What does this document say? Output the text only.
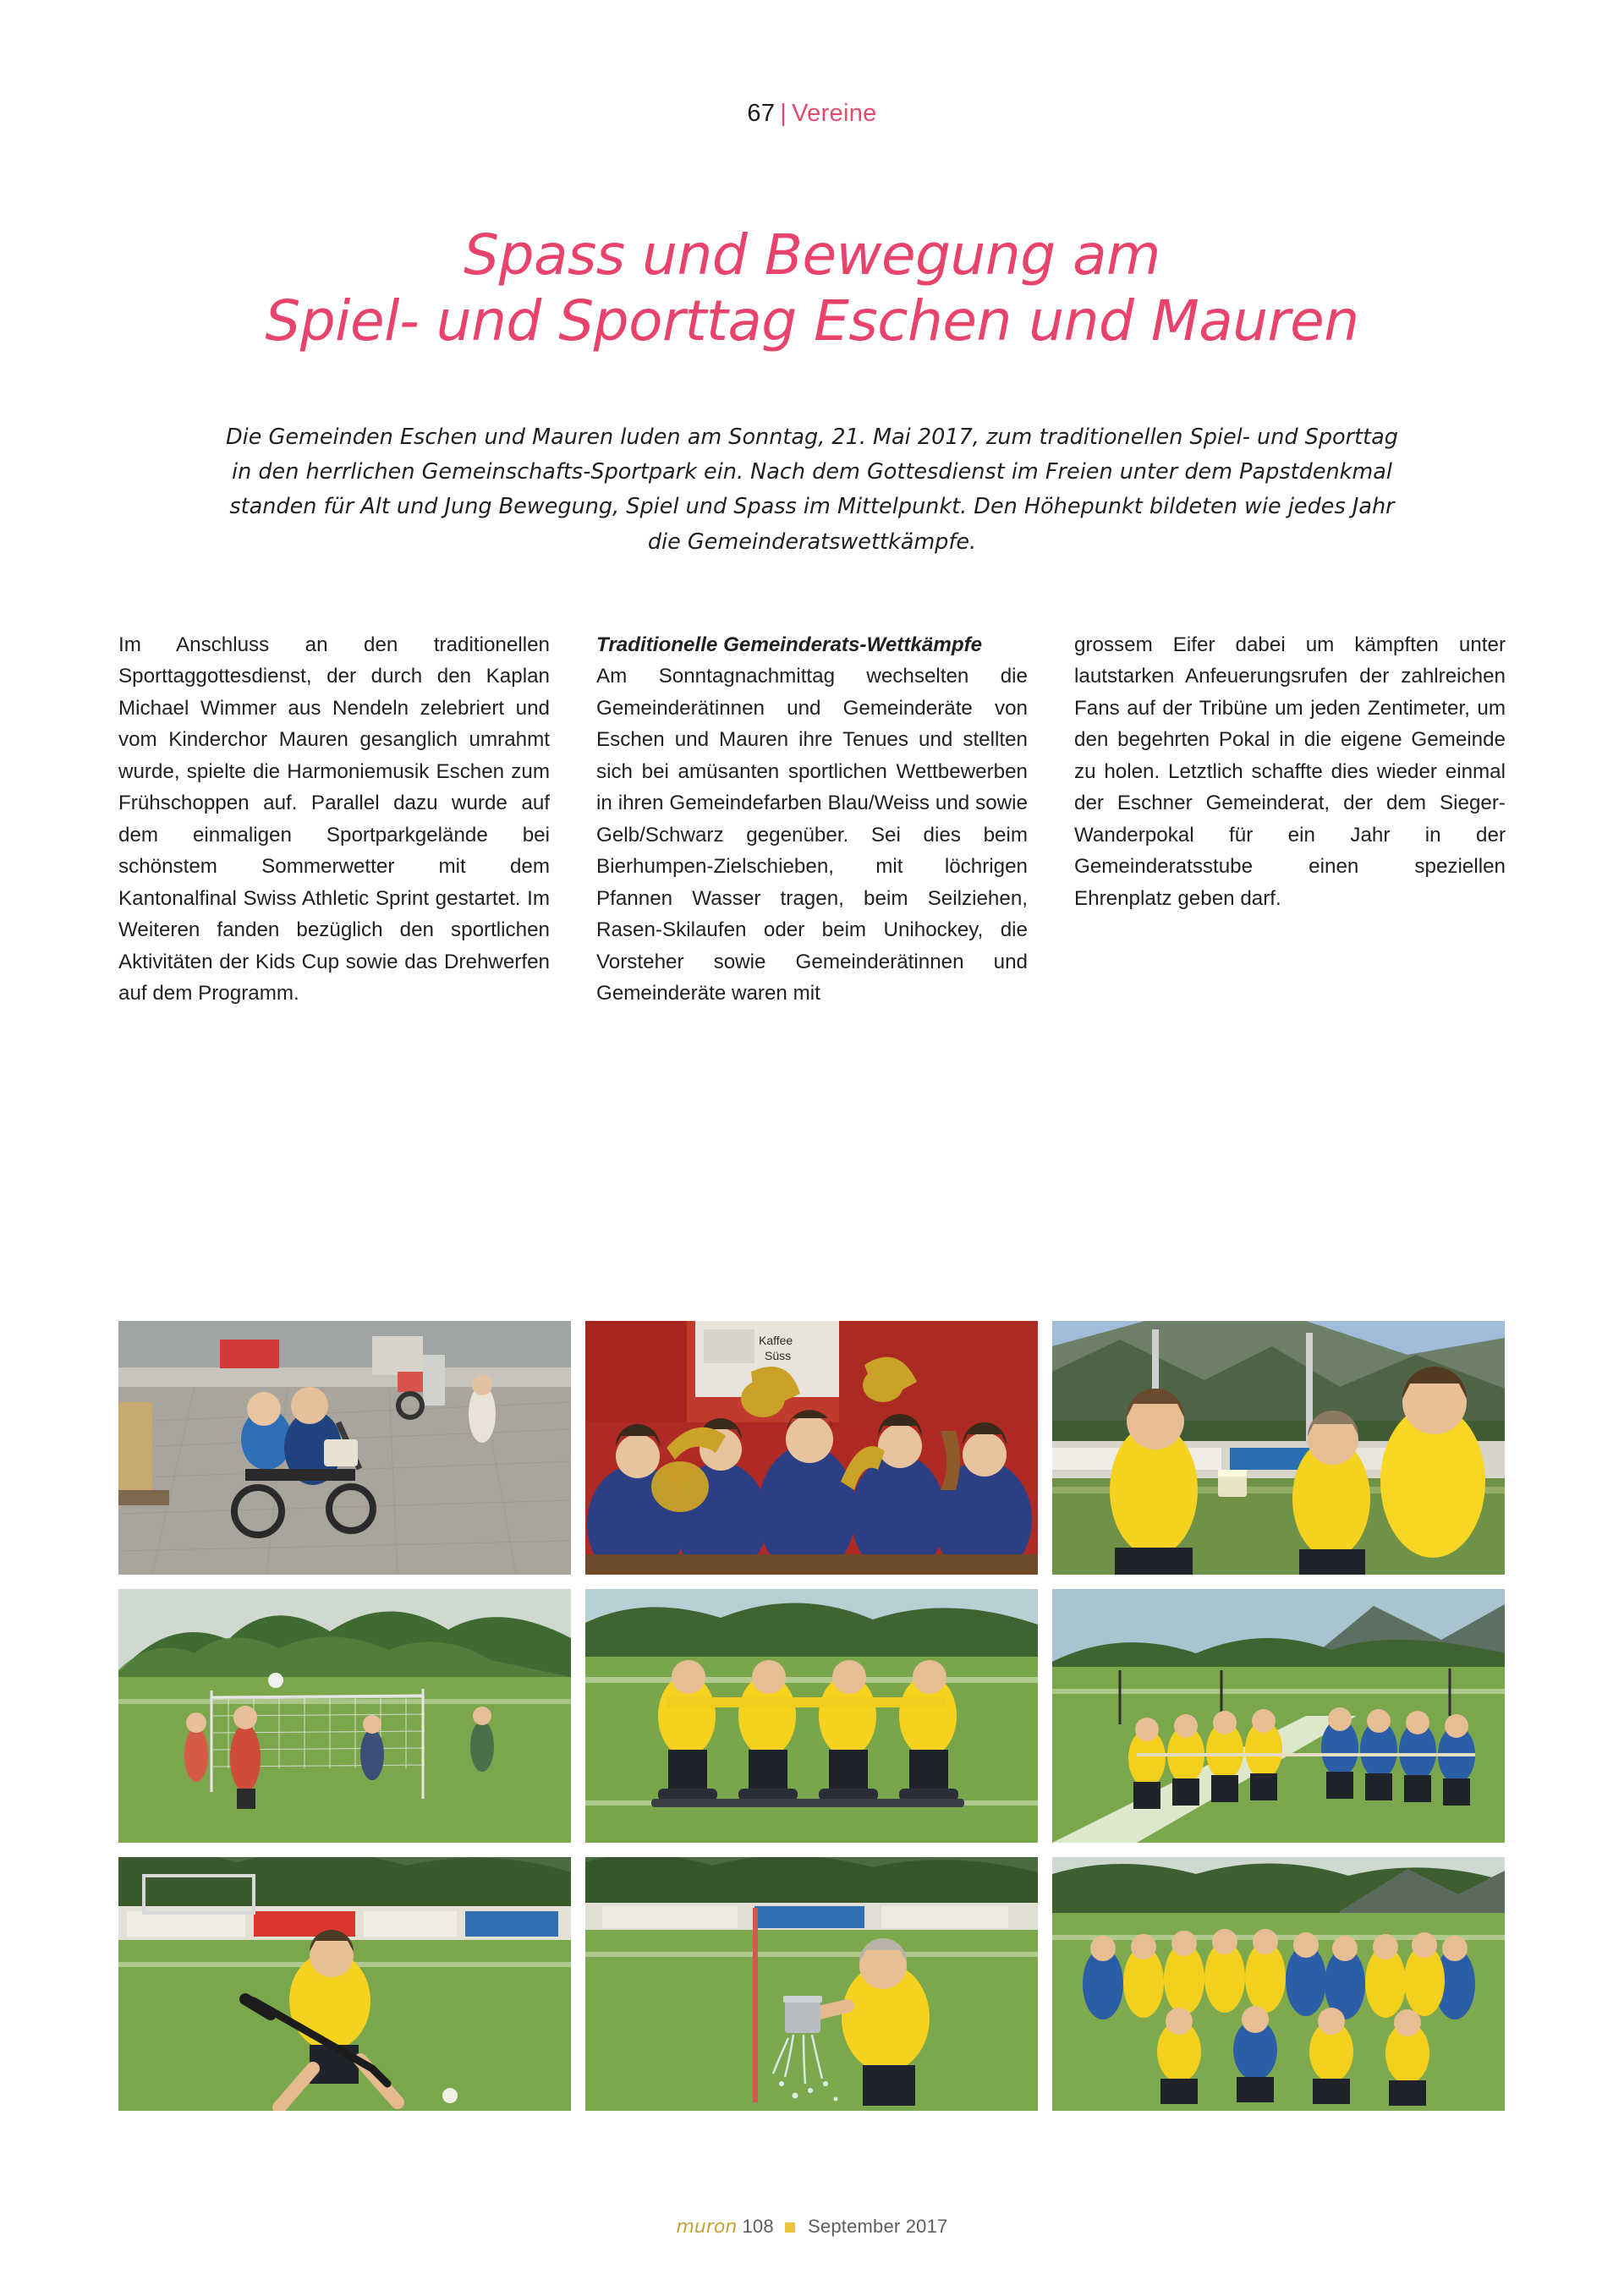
67 | Vereine
Spass und Bewegung am
Spiel- und Sporttag Eschen und Mauren
Die Gemeinden Eschen und Mauren luden am Sonntag, 21. Mai 2017, zum traditionellen Spiel- und Sporttag in den herrlichen Gemeinschafts-Sportpark ein. Nach dem Gottesdienst im Freien unter dem Papstdenkmal standen für Alt und Jung Bewegung, Spiel und Spass im Mittelpunkt. Den Höhepunkt bildeten wie jedes Jahr die Gemeinderatswettkämpfe.

Im Anschluss an den traditionellen Sporttaggottesdienst, der durch den Kaplan Michael Wimmer aus Nendeln zelebriert und vom Kinderchor Mauren gesanglich umrahmt wurde, spielte die Harmoniemusik Eschen zum Frühschoppen auf. Parallel dazu wurde auf dem einmaligen Sportparkgelände bei schönstem Sommerwetter mit dem Kantonalfinal Swiss Athletic Sprint gestartet. Im Weiteren fanden bezüglich den sportlichen Aktivitäten der Kids Cup sowie das Drehwerfen auf dem Programm.

Traditionelle Gemeinderats-Wettkämpfe

Am Sonntagnachmittag wechselten die Gemeinderätinnen und Gemeinderäte von Eschen und Mauren ihre Tenues und stellten sich bei amüsanten sportlichen Wettbewerben in ihren Gemeindefarben Blau/Weiss und sowie Gelb/Schwarz gegenüber. Sei dies beim Bierhumpen-Zielschieben, mit löchrigen Pfannen Wasser tragen, beim Seilziehen, Rasen-Skilaufen oder beim Unihockey, die Vorsteher sowie Gemeinderätinnen und Gemeinderäte waren mit

grossem Eifer dabei um kämpften unter lautstarken Anfeuerungsrufen der zahlreichen Fans auf der Tribüne um jeden Zentimeter, um den begehrten Pokal in die eigene Gemeinde zu holen. Letztlich schaffte dies wieder einmal der Eschner Gemeinderat, der dem Sieger-Wanderpokal für ein Jahr in der Gemeinderatsstube einen speziellen Ehrenplatz geben darf.

Kaffee
Süss
muron 108 September 2017
